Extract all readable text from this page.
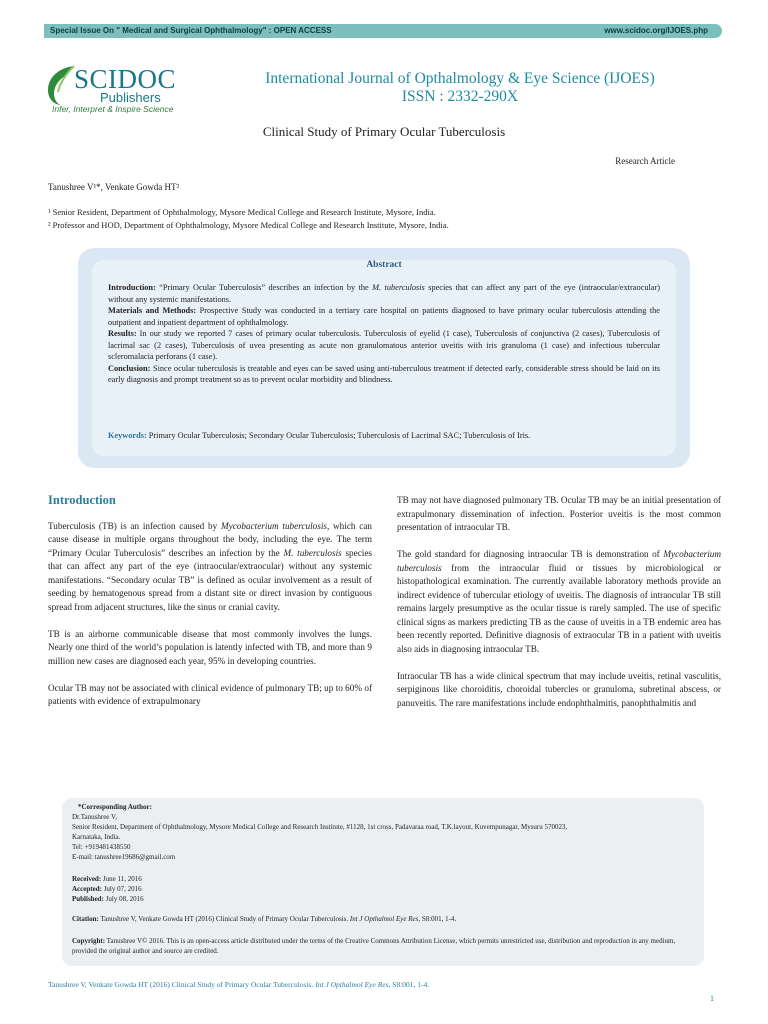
Special Issue On " Medical and Surgical Ophthalmology" : OPEN ACCESS	www.scidoc.org/IJOES.php
SCIDOC
Publishers
Infer, Interpret & Inspire Science
International Journal of Opthalmology & Eye Science (IJOES)
ISSN : 2332-290X
Clinical Study of Primary Ocular Tuberculosis
Research Article
Tanushree V¹*, Venkate Gowda HT²
¹ Senior Resident, Department of Ophthalmology, Mysore Medical College and Research Institute, Mysore, India.
² Professor and HOD, Department of Ophthalmology, Mysore Medical College and Research Institute, Mysore, India.
Abstract

Introduction: “Primary Ocular Tuberculosis” describes an infection by the M. tuberculosis species that can affect any part of the eye (intraocular/extraocular) without any systemic manifestations.

Materials and Methods: Prospective Study was conducted in a tertiary care hospital on patients diagnosed to have primary ocular tuberculosis attending the outpatient and inpatient department of ophthalmology.

Results: In our study we reported 7 cases of primary ocular tuberculosis. Tuberculosis of eyelid (1 case), Tuberculosis of conjunctiva (2 cases), Tuberculosis of lacrimal sac (2 cases), Tuberculosis of uvea presenting as acute non granulomatous anterior uveitis with iris granuloma (1 case) and infectious tubercular scleromalacia perforans (1 case).

Conclusion: Since ocular tuberculosis is treatable and eyes can be saved using anti-tuberculous treatment if detected early, considerable stress should be laid on its early diagnosis and prompt treatment so as to prevent ocular morbidity and blindness.

Keywords: Primary Ocular Tuberculosis; Secondary Ocular Tuberculosis; Tuberculosis of Lacrimal SAC; Tuberculosis of Iris.
Introduction

Tuberculosis (TB) is an infection caused by Mycobacterium tuberculosis, which can cause disease in multiple organs throughout the body, including the eye. The term “Primary Ocular Tuberculosis” describes an infection by the M. tuberculosis species that can affect any part of the eye (intraocular/extraocular) without any systemic manifestations. “Secondary ocular TB” is defined as ocular involvement as a result of seeding by hematogenous spread from a distant site or direct invasion by contiguous spread from adjacent structures, like the sinus or cranial cavity.

TB is an airborne communicable disease that most commonly involves the lungs. Nearly one third of the world’s population is latently infected with TB, and more than 9 million new cases are diagnosed each year, 95% in developing countries.

Ocular TB may not be associated with clinical evidence of pulmonary TB; up to 60% of patients with evidence of extrapulmonary

TB may not have diagnosed pulmonary TB. Ocular TB may be an initial presentation of extrapulmonary dissemination of infection. Posterior uveitis is the most common presentation of intraocular TB.

The gold standard for diagnosing intraocular TB is demonstration of Mycobacterium tuberculosis from the intraocular fluid or tissues by microbiological or histopathological examination. The currently available laboratory methods provide an indirect evidence of tubercular etiology of uveitis. The diagnosis of intraocular TB still remains largely presumptive as the ocular tissue is rarely sampled. The use of specific clinical signs as markers predicting TB as the cause of uveitis in a TB endemic area has been recently reported. Definitive diagnosis of extraocular TB in a patient with uveitis also aids in diagnosing intraocular TB.

Intraocular TB has a wide clinical spectrum that may include uveitis, retinal vasculitis, serpiginous like choroiditis, choroidal tubercles or granuloma, subretinal abscess, or panuveitis. The rare manifestations include endophthalmitis, panophthalmitis and

*Corresponding Author:
Dr.Tanushree V,
Senior Resident, Department of Ophthalmology, Mysore Medical College and Research Institute, #1128, 1st cross, Padavaraa road, T.K.layout, Kuvempunagar, Mysuru 570023,
Karnataka, India.
Tel: +919481438550
E-mail: tanushree19686@gmail.com
Received: June 11, 2016
Accepted: July 07, 2016
Published: July 08, 2016
Citation: Tanushree V, Venkate Gowda HT (2016) Clinical Study of Primary Ocular Tuberculosis. Int J Opthalmol Eye Res, S8:001, 1-4.
Copyright: Tanushree V© 2016. This is an open-access article distributed under the terms of the Creative Commons Attribution License, which permits unrestricted use, distribution and reproduction in any medium, provided the original author and source are credited.
Tanushree V, Venkate Gowda HT (2016) Clinical Study of Primary Ocular Tuberculosis. Int J Opthalmol Eye Res, S8:001, 1-4.
1
